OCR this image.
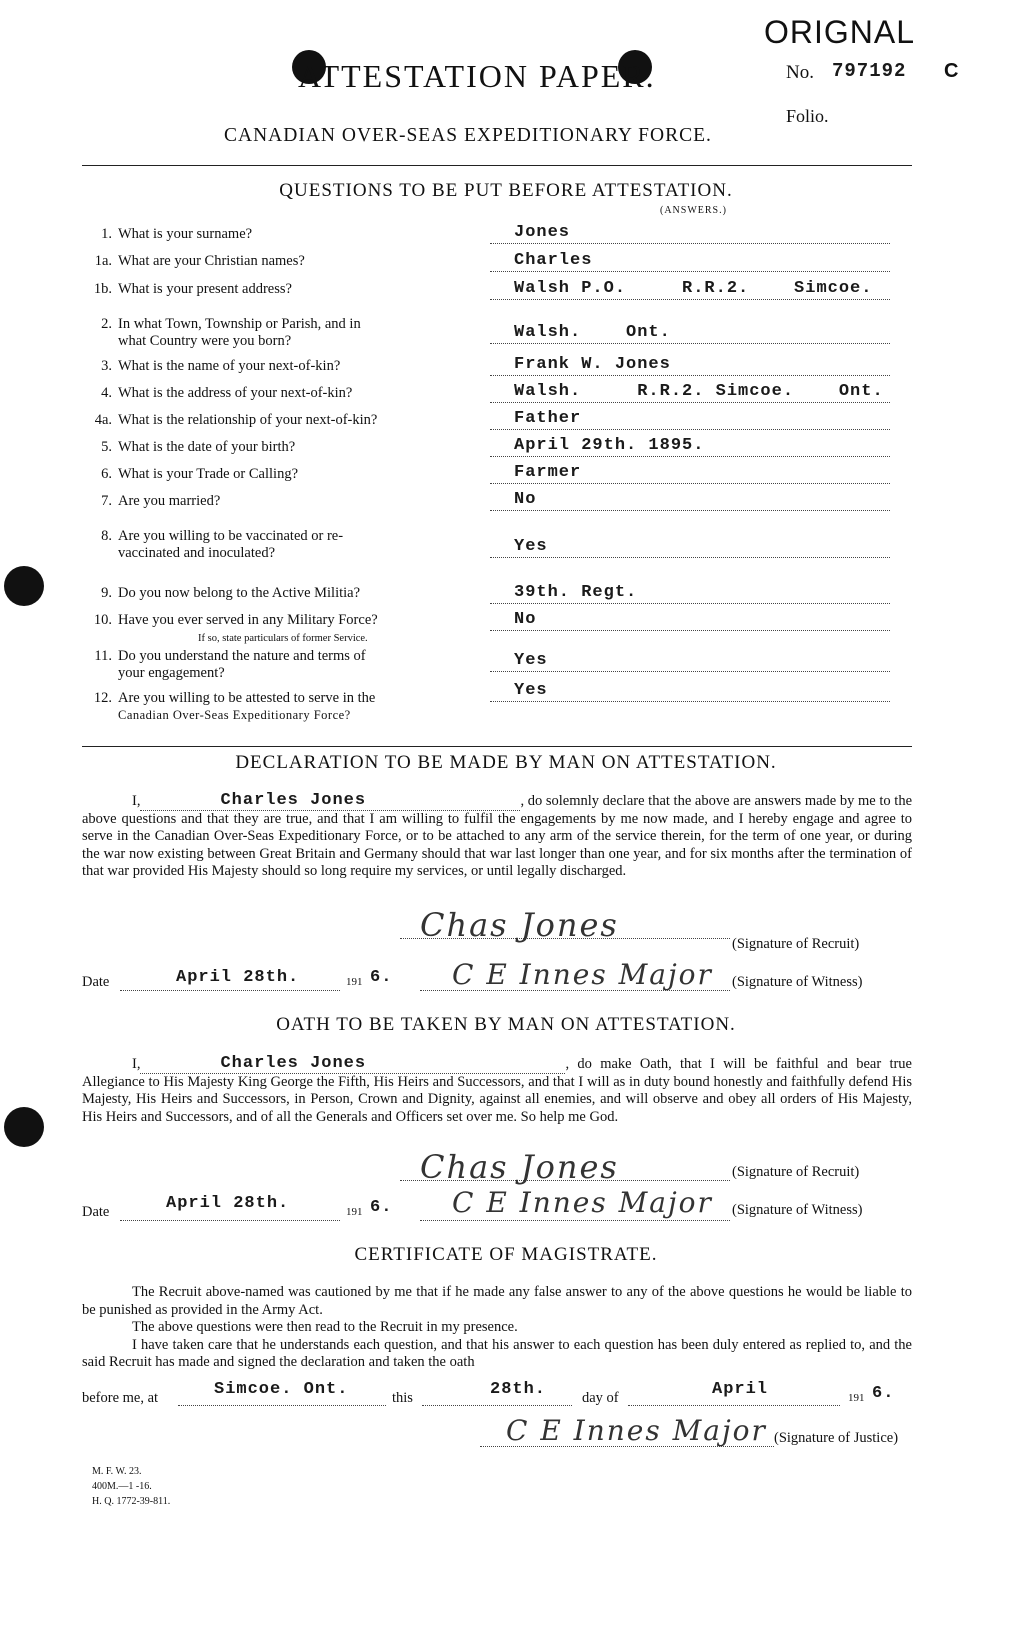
ORIGNAL
ATTESTATION PAPER.	No. 797192 C
Folio.
CANADIAN OVER-SEAS EXPEDITIONARY FORCE.
QUESTIONS TO BE PUT BEFORE ATTESTATION.
(ANSWERS.)
1. What is your surname?	Jones
1a. What are your Christian names?	Charles
1b. What is your present address?	Walsh P.O.     R.R.2.    Simcoe.
2. In what Town, Township or Parish, and in
what Country were you born?	Walsh.    Ont.
3. What is the name of your next-of-kin?	Frank W. Jones
4. What is the address of your next-of-kin?	Walsh.     R.R.2. Simcoe.    Ont.
4a. What is the relationship of your next-of-kin?	Father
5. What is the date of your birth?	April 29th. 1895.
6. What is your Trade or Calling?	Farmer
7. Are you married?	No
8. Are you willing to be vaccinated or re-
vaccinated and inoculated?	Yes
9. Do you now belong to the Active Militia?	39th. Regt.
10. Have you ever served in any Military Force?
If so, state particulars of former Service.
No
11. Do you understand the nature and terms of
your engagement?
Yes
12. Are you willing to be attested to serve in the
Canadian Over-Seas Expeditionary Force?
Yes
DECLARATION TO BE MADE BY MAN ON ATTESTATION.
I,	Charles Jones	, do solemnly declare that the above are answers made by me to the above questions and that they are true, and that I am willing to fulfil the engagements by me now made, and I hereby engage and agree to serve in the Canadian Over-Seas Expeditionary Force, or to be attached to any arm of the service therein, for the term of one year, or during the war now existing between Great Britain and Germany should that war last longer than one year, and for six months after the termination of that war provided His Majesty should so long require my services, or until legally discharged.
Chas Jones	(Signature of Recruit)
Date	April 28th.	191 6. C E Innes Major (Signature of Witness)
OATH TO BE TAKEN BY MAN ON ATTESTATION.
I,	Charles Jones	, do make Oath, that I will be faithful and bear true Allegiance to His Majesty King George the Fifth, His Heirs and Successors, and that I will as in duty bound honestly and faithfully defend His Majesty, His Heirs and Successors, in Person, Crown and Dignity, against all enemies, and will observe and obey all orders of His Majesty, His Heirs and Successors, and of all the Generals and Officers set over me. So help me God.
Chas Jones	(Signature of Recruit)
Date	April 28th.	191 6. C E Innes Major (Signature of Witness)
CERTIFICATE OF MAGISTRATE.
The Recruit above-named was cautioned by me that if he made any false answer to any of the above questions he would be liable to be punished as provided in the Army Act.
The above questions were then read to the Recruit in my presence.
I have taken care that he understands each question, and that his answer to each question has been duly entered as replied to, and the said Recruit has made and signed the declaration and taken the oath
before me, at	Simcoe. Ont.	this	28th. day of	April	191 6.
C E Innes Major (Signature of Justice)
M. F. W. 23.
400M.—1 -16.
H. Q. 1772-39-811.
